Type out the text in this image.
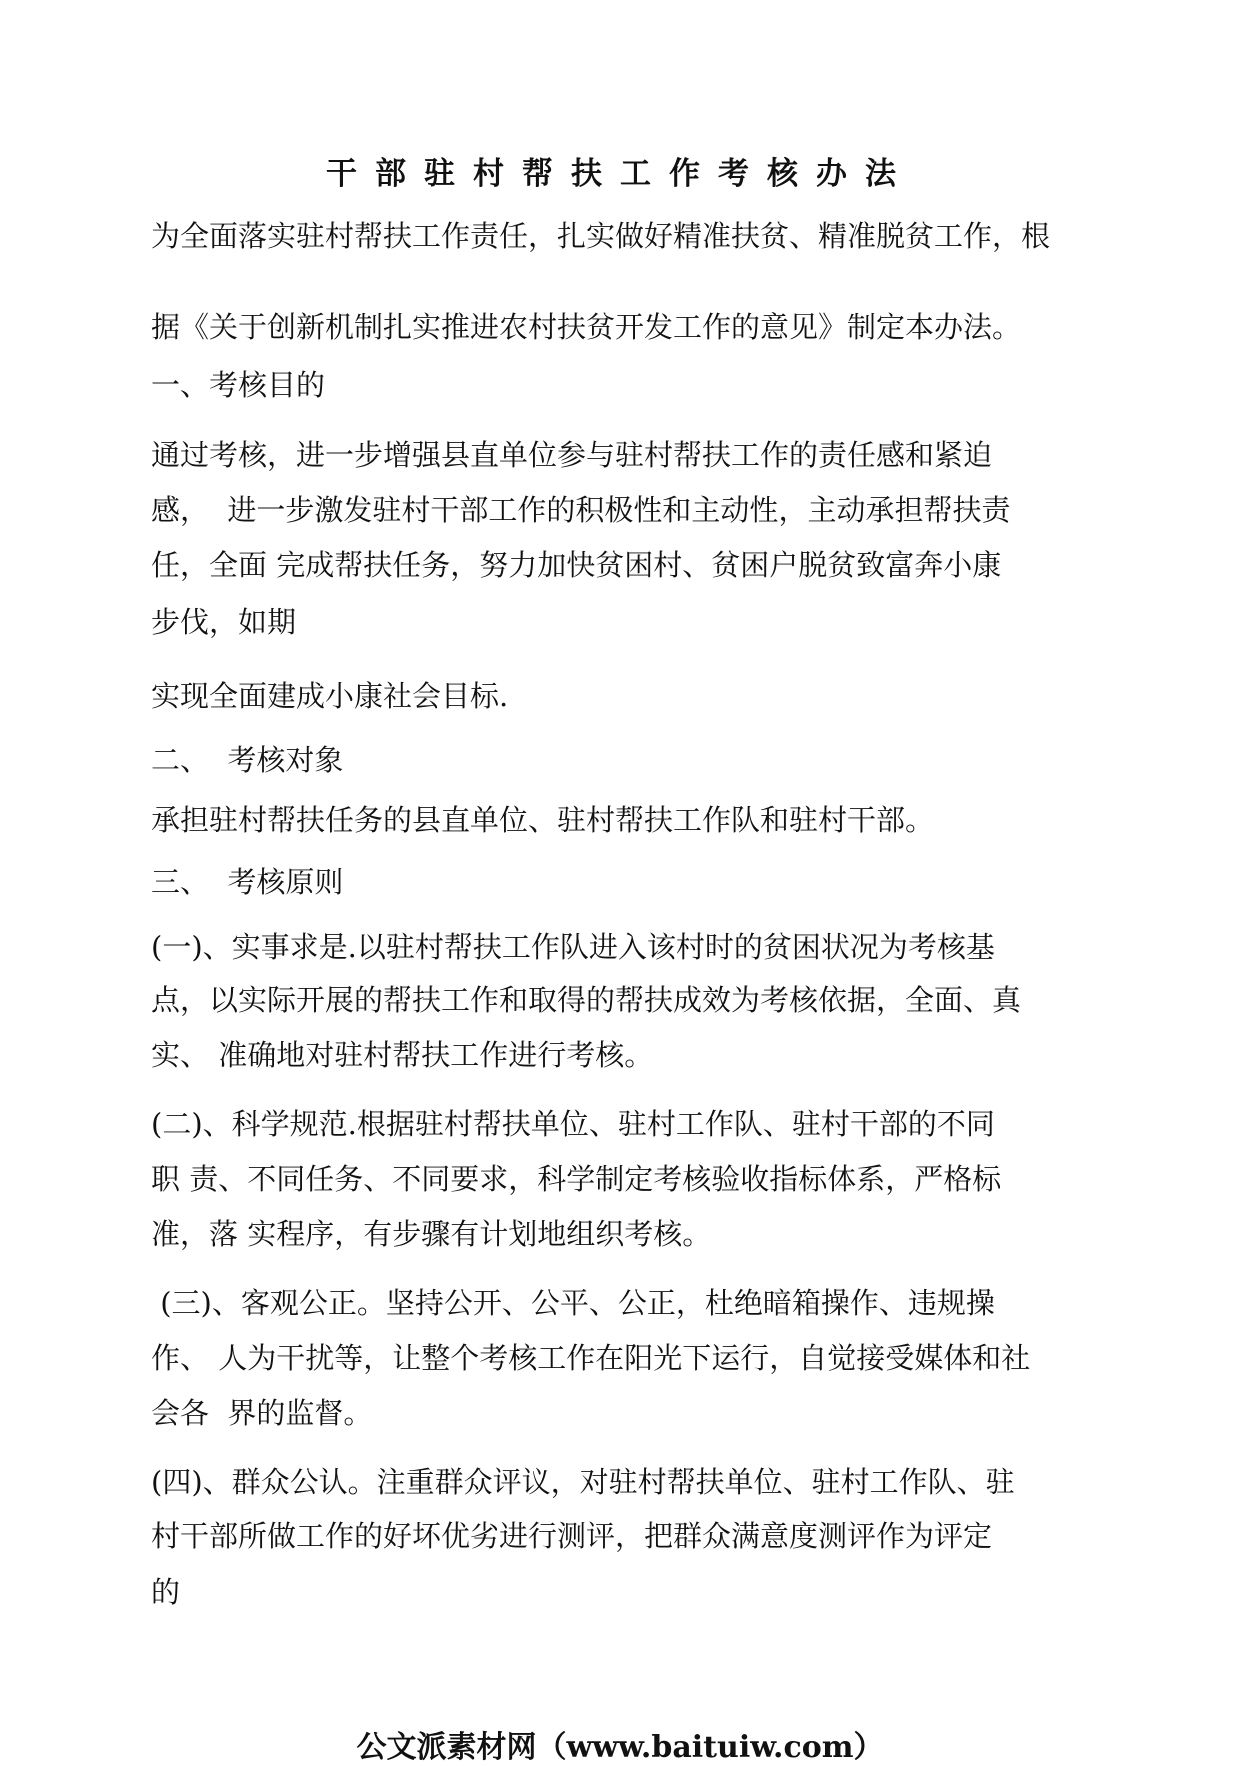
干部驻村帮扶工作考核办法
为全面落实驻村帮扶工作责任，扎实做好精准扶贫、精准脱贫工作，根
据《关于创新机制扎实推进农村扶贫开发工作的意见》制定本办法。
一、考核目的
通过考核，进一步增强县直单位参与驻村帮扶工作的责任感和紧迫
感，  进一步激发驻村干部工作的积极性和主动性，主动承担帮扶责
任，全面 完成帮扶任务，努力加快贫困村、贫困户脱贫致富奔小康
步伐，如期
实现全面建成小康社会目标.
二、  考核对象
承担驻村帮扶任务的县直单位、驻村帮扶工作队和驻村干部。
三、  考核原则
(一)、实事求是.以驻村帮扶工作队进入该村时的贫困状况为考核基
点，以实际开展的帮扶工作和取得的帮扶成效为考核依据，全面、真
实、 准确地对驻村帮扶工作进行考核。
(二)、科学规范.根据驻村帮扶单位、驻村工作队、驻村干部的不同
职 责、不同任务、不同要求，科学制定考核验收指标体系，严格标
准，落 实程序，有步骤有计划地组织考核。
(三)、客观公正。坚持公开、公平、公正，杜绝暗箱操作、违规操
作、 人为干扰等，让整个考核工作在阳光下运行，自觉接受媒体和社
会各  界的监督。
(四)、群众公认。注重群众评议，对驻村帮扶单位、驻村工作队、驻
村干部所做工作的好坏优劣进行测评，把群众满意度测评作为评定
的
公文派素材网（www.baituiw.com）
